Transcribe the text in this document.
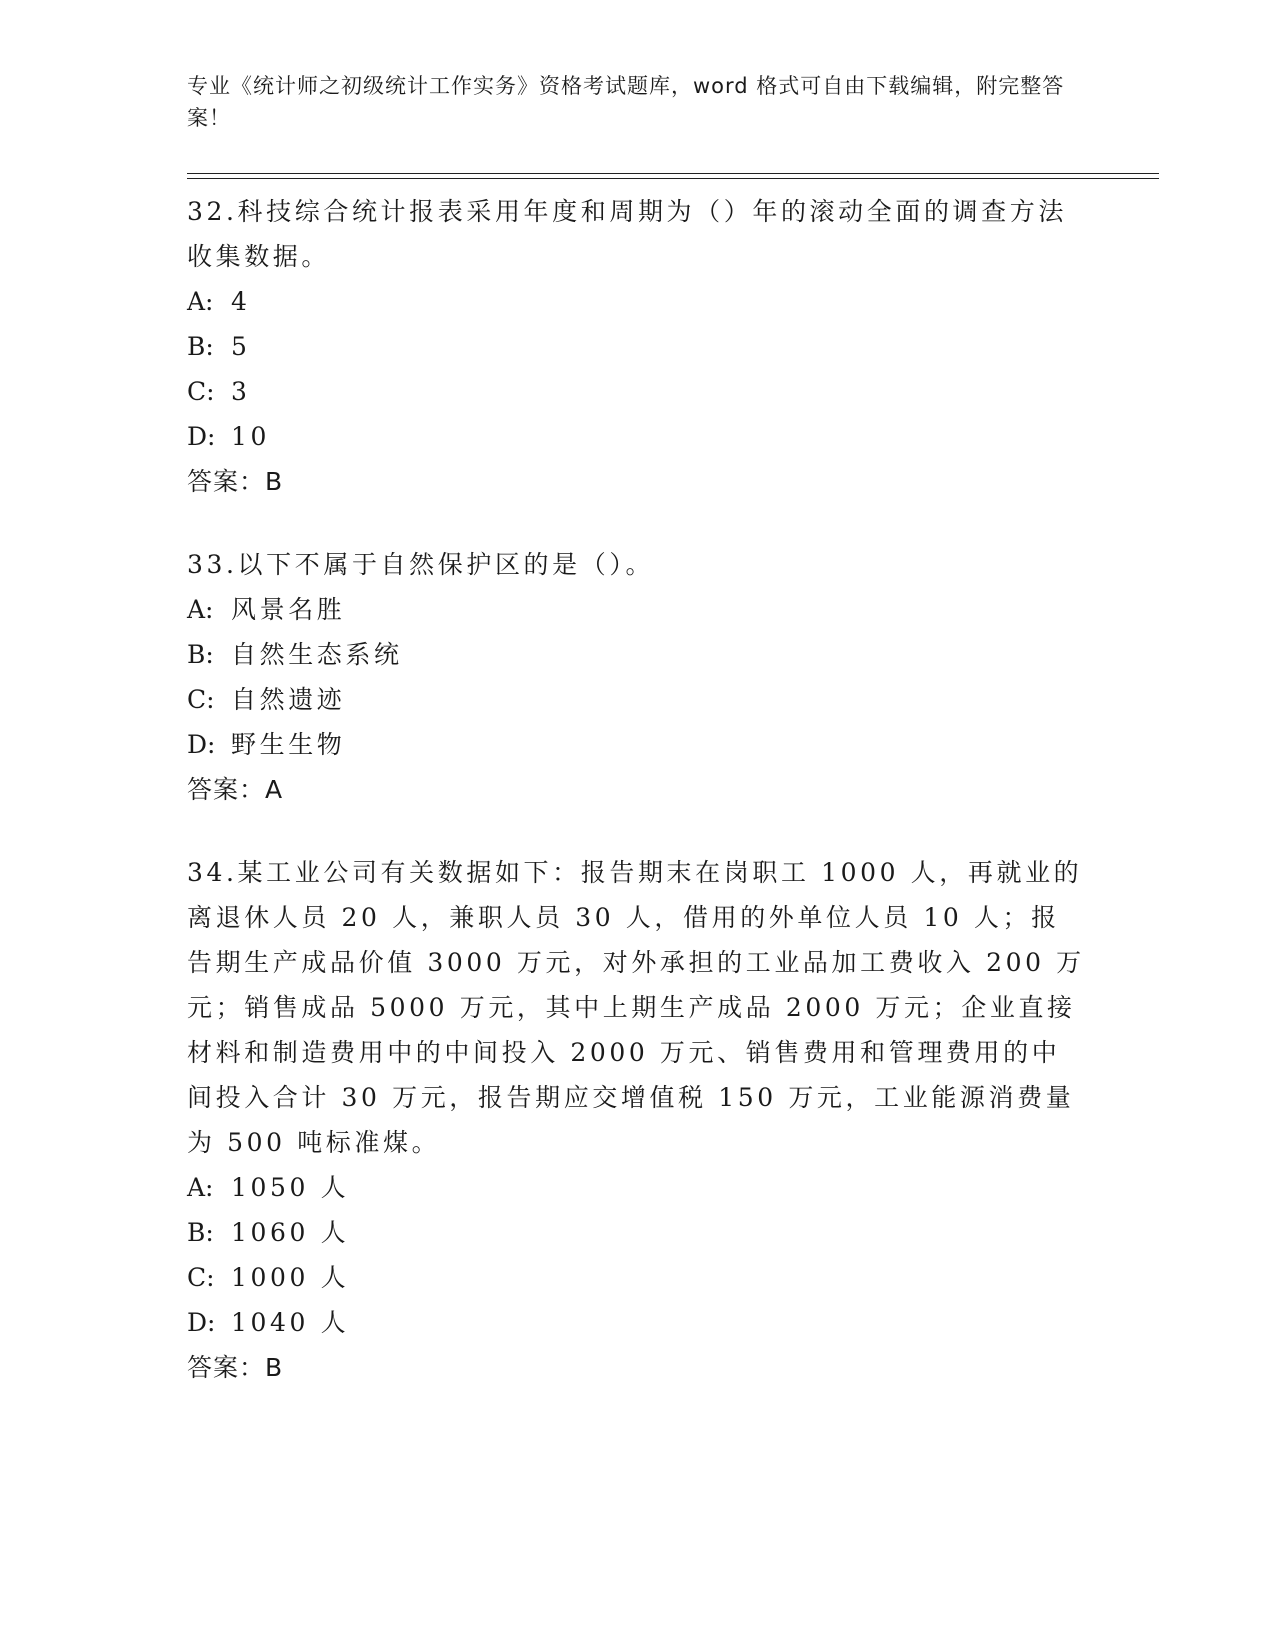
专业《统计师之初级统计工作实务》资格考试题库，word 格式可自由下载编辑，附完整答案！

32.科技综合统计报表采用年度和周期为（）年的滚动全面的调查方法收集数据。

A: 4

B: 5

C: 3

D: 10

答案：B

33.以下不属于自然保护区的是（）。

A: 风景名胜

B: 自然生态系统

C: 自然遗迹

D: 野生生物

答案：A

34.某工业公司有关数据如下：报告期末在岗职工 1000 人，再就业的离退休人员 20 人，兼职人员 30 人，借用的外单位人员 10 人；报告期生产成品价值 3000 万元，对外承担的工业品加工费收入 200 万元；销售成品 5000 万元，其中上期生产成品 2000 万元；企业直接材料和制造费用中的中间投入 2000 万元、销售费用和管理费用的中间投入合计 30 万元，报告期应交增值税 150 万元，工业能源消费量为 500 吨标准煤。

A: 1050 人

B: 1060 人

C: 1000 人

D: 1040 人

答案：B
